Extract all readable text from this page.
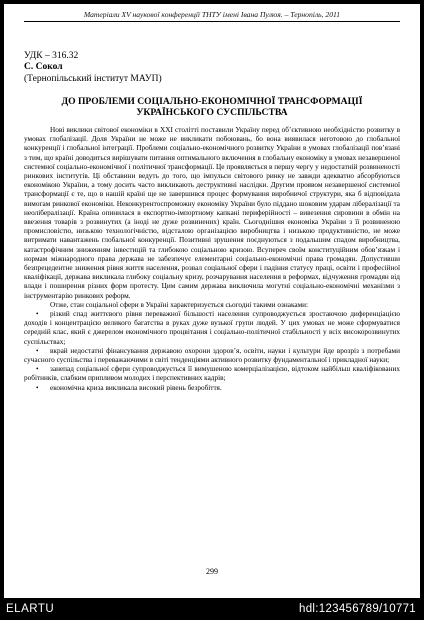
Матеріали XV наукової конференції ТНТУ імені Івана Пулюя. – Тернопіль, 2011
УДК – 316.32
С. Сокол
(Тернопільський інститут МАУП)
ДО ПРОБЛЕМИ СОЦІАЛЬНО-ЕКОНОМІЧНОЇ ТРАНСФОРМАЦІЇ УКРАЇНСЬКОГО СУСПІЛЬСТВА

Нові виклики світової економіки в XXI столітті поставили Україну перед об’єктивною необхідністю розвитку в умовах глобалізації. Доля України не може не викликати побоювань, бо вона виявилася неготовою до глобальної конкуренції і глобальної інтеграції. Проблеми соціально-економічного розвитку України в умовах глобалізації пов’язані з тим, що країні доводиться вирішувати питання оптимального включення в глобальну економіку в умовах незавершеної системної соціально-економічної і політичної трансформації. Це проявляється в першу чергу у недостатній розвиненості ринкових інститутів. Ці обставини ведуть до того, що імпульси світового ринку не завжди адекватно абсорбуються економікою України, а тому досить часто викликають деструктивні наслідки. Другим проявом незавершеної системної трансформації є те, що в нашій країні ще не завершився процес формування виробничої структури, яка б відповідала вимогам ринкової економіки. Неконкурентоспроможну економіку України було піддано шоковим ударам лібералізації та неолібералізації. Країна опинилася в експортно-імпортному капкані периферійності – вивезення сировини в обмін на ввезення товарів з розвинутих (а іноді не дуже розвинених) країн. Сьогоднішня економіка України з її розвиненою промисловістю, низькою технологічністю, відсталою організацією виробництва і низькою продуктивністю, не може витримати навантажень глобальної конкуренції. Позитивні зрушення поєднуються з подальшим спадом виробництва, катастрофічним зниженням інвестицій та глибокою соціальною кризою. Всупереч своїм конституційним обов’язкам і нормам міжнародного права держава не забезпечує елементарні соціально-економічні права громадян. Допустивши безпрецедентне зниження рівня життя населення, розвал соціальної сфери і падіння статусу праці, освіти і професійної кваліфікації, держава викликала глибоку соціальну кризу, розчарування населення в реформах, відчуження громадян від влади і поширення різних форм протесту. Цим самим держава виключила могутні соціально-економічні механізми з інструментарію ринкових реформ.

Отже, стан соціальної сфери в Україні характеризується сьогодні такими ознаками:

• різкий спад життєвого рівня переважної більшості населення супроводжується зростаючою диференціацією доходів і концентрацією великого багатства в руках дуже вузької групи людей. У цих умовах не може сформуватися середній клас, який є джерелом економічного процвітання і соціально-політичної стабільності у всіх високорозвинутих суспільствах;
• вкрай недостатні фінансування державою охорони здоров’я, освіти, науки і культури йде врозріз з потребами сучасного суспільства і переважаючими в світі тенденціями активного розвитку фундаментальної і прикладної науки;
• занепад соціальної сфери супроводжується її вимушеною комерціалізацією, відтоком найбільш кваліфікованих робітників, слабким припливом молодих і перспективних кадрів;
• економічна криза викликала високий рівень безробіття.
299
ELARTU	hdl:123456789/10771
